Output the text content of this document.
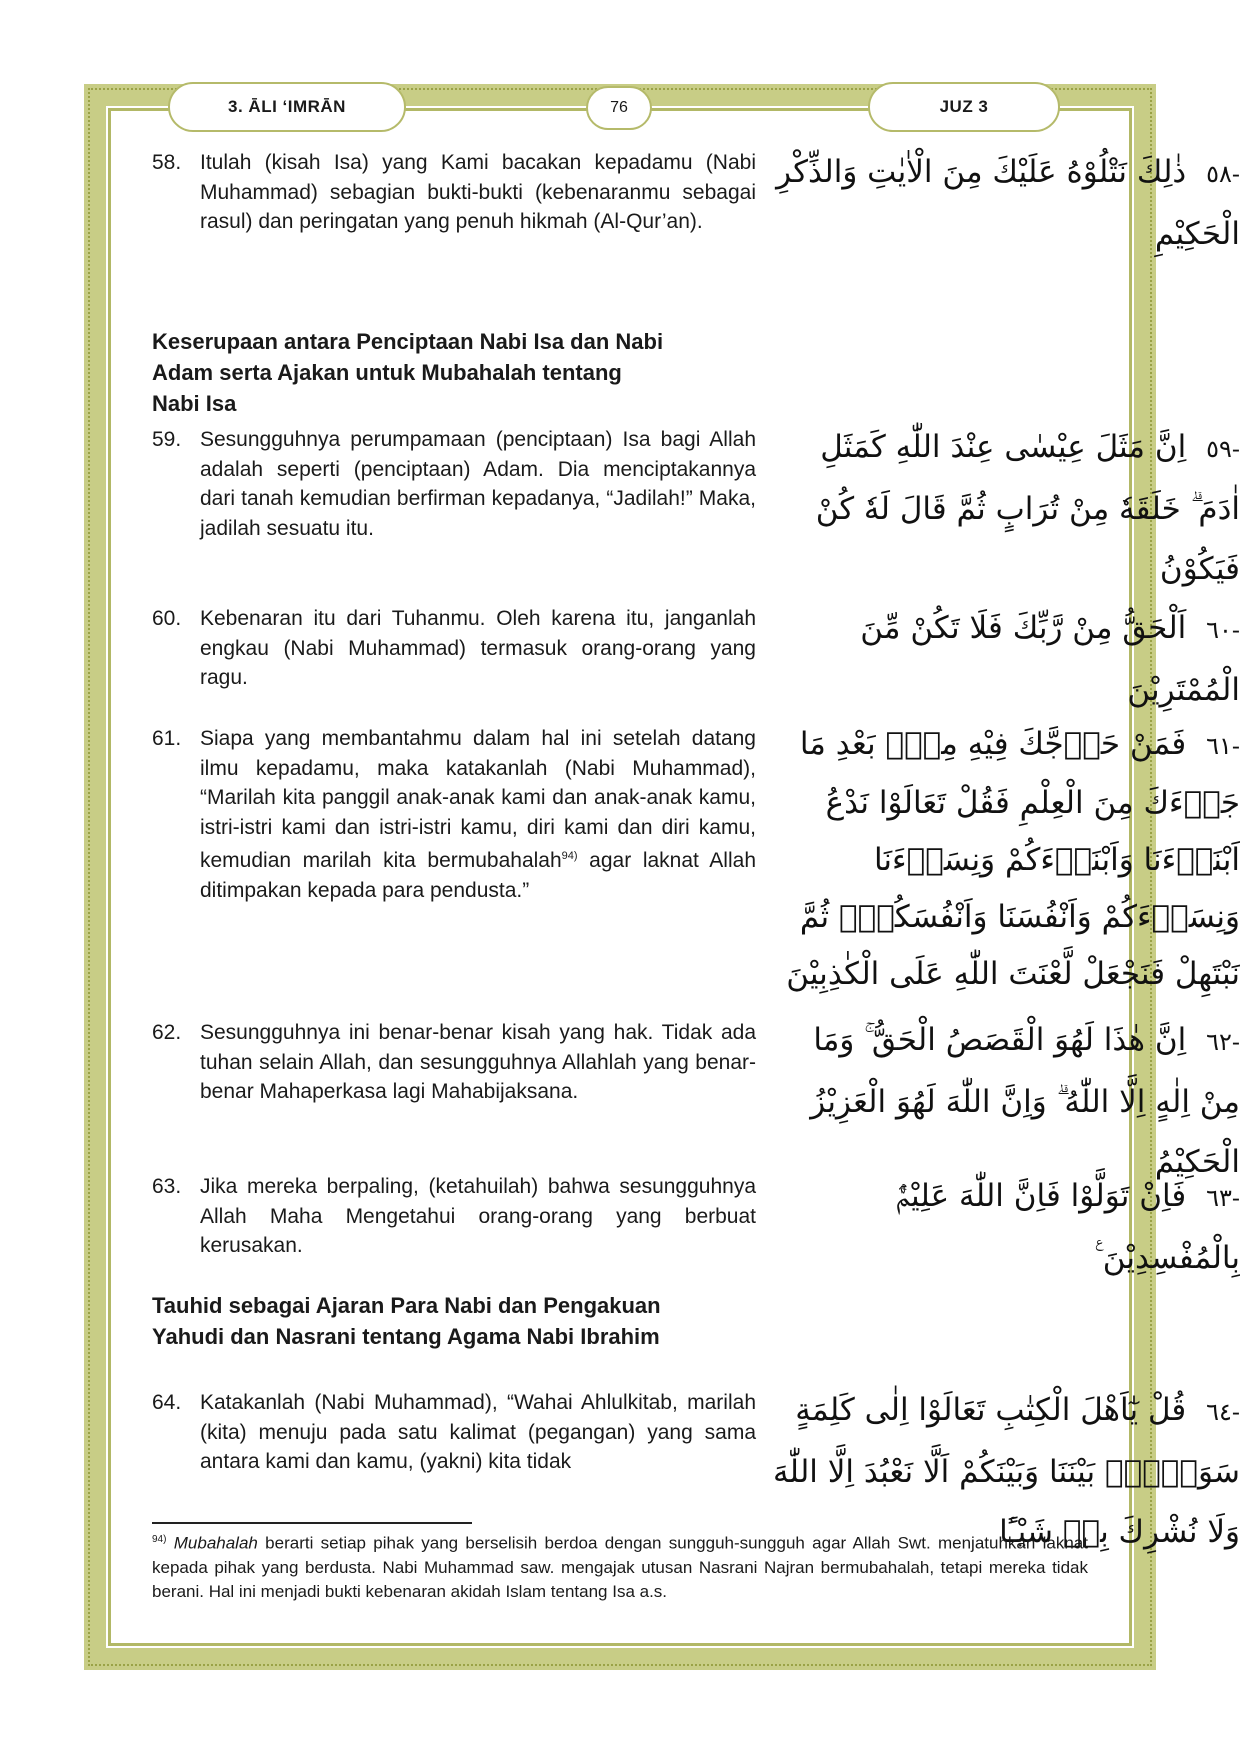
3. ĀLI ‘IMRĀN	76	JUZ 3
58. Itulah (kisah Isa) yang Kami bacakan kepadamu (Nabi Muhammad) sebagian bukti-bukti (kebenaranmu sebagai rasul) dan peringatan yang penuh hikmah (Al-Qur’an).
-٥٨ ذٰلِكَ نَتْلُوْهُ عَلَيْكَ مِنَ الْاٰيٰتِ وَالذِّكْرِ الْحَكِيْمِ
Keserupaan antara Penciptaan Nabi Isa dan Nabi Adam serta Ajakan untuk Mubahalah tentang Nabi Isa
59. Sesungguhnya perumpamaan (penciptaan) Isa bagi Allah adalah seperti (penciptaan) Adam. Dia menciptakannya dari tanah kemudian berfirman kepadanya, “Jadilah!” Maka, jadilah sesuatu itu.
-٥٩ اِنَّ مَثَلَ عِيْسٰى عِنْدَ اللّٰهِ كَمَثَلِ اٰدَمَ ۗ خَلَقَهٗ مِنْ تُرَابٍ ثُمَّ قَالَ لَهٗ كُنْ فَيَكُوْنُ
60. Kebenaran itu dari Tuhanmu. Oleh karena itu, janganlah engkau (Nabi Muhammad) termasuk orang-orang yang ragu.
-٦٠ اَلْحَقُّ مِنْ رَّبِّكَ فَلَا تَكُنْ مِّنَ الْمُمْتَرِيْنَ
61. Siapa yang membantahmu dalam hal ini setelah datang ilmu kepadamu, maka katakanlah (Nabi Muhammad), “Marilah kita panggil anak-anak kami dan anak-anak kamu, istri-istri kami dan istri-istri kamu, diri kami dan diri kamu, kemudian marilah kita bermubahalah$^{94)}$ agar laknat Allah ditimpakan kepada para pendusta.”
-٦١ فَمَنْ حَاۤجَّكَ فِيْهِ مِنْۢ بَعْدِ مَا جَاۤءَكَ مِنَ الْعِلْمِ فَقُلْ تَعَالَوْا نَدْعُ اَبْنَاۤءَنَا وَاَبْنَاۤءَكُمْ وَنِسَاۤءَنَا وَنِسَاۤءَكُمْ وَاَنْفُسَنَا وَاَنْفُسَكُمْۗ ثُمَّ نَبْتَهِلْ فَنَجْعَلْ لَّعْنَتَ اللّٰهِ عَلَى الْكٰذِبِيْنَ
62. Sesungguhnya ini benar-benar kisah yang hak. Tidak ada tuhan selain Allah, dan sesungguhnya Allahlah yang benar-benar Mahaperkasa lagi Mahabijaksana.
-٦٢ اِنَّ هٰذَا لَهُوَ الْقَصَصُ الْحَقُّ ۚ وَمَا مِنْ اِلٰهٍ اِلَّا اللّٰهُ ۗ وَاِنَّ اللّٰهَ لَهُوَ الْعَزِيْزُ الْحَكِيْمُ
63. Jika mereka berpaling, (ketahuilah) bahwa sesungguhnya Allah Maha Mengetahui orang-orang yang berbuat kerusakan.
-٦٣ فَاِنْ تَوَلَّوْا فَاِنَّ اللّٰهَ عَلِيْمٌۢ بِالْمُفْسِدِيْنَ ࣖ
Tauhid sebagai Ajaran Para Nabi dan Pengakuan Yahudi dan Nasrani tentang Agama Nabi Ibrahim
64. Katakanlah (Nabi Muhammad), “Wahai Ahlulkitab, marilah (kita) menuju pada satu kalimat (pegangan) yang sama antara kami dan kamu, (yakni) kita tidak
-٦٤ قُلْ يٰٓاَهْلَ الْكِتٰبِ تَعَالَوْا اِلٰى كَلِمَةٍ سَوَاۤءٍۢ بَيْنَنَا وَبَيْنَكُمْ اَلَّا نَعْبُدَ اِلَّا اللّٰهَ وَلَا نُشْرِكَ بِهٖ شَيْـًٔا
$^{94)}$ Mubahalah berarti setiap pihak yang berselisih berdoa dengan sungguh-sungguh agar Allah Swt. menjatuhkan laknat kepada pihak yang berdusta. Nabi Muhammad saw. mengajak utusan Nasrani Najran bermubahalah, tetapi mereka tidak berani. Hal ini menjadi bukti kebenaran akidah Islam tentang Isa a.s.
